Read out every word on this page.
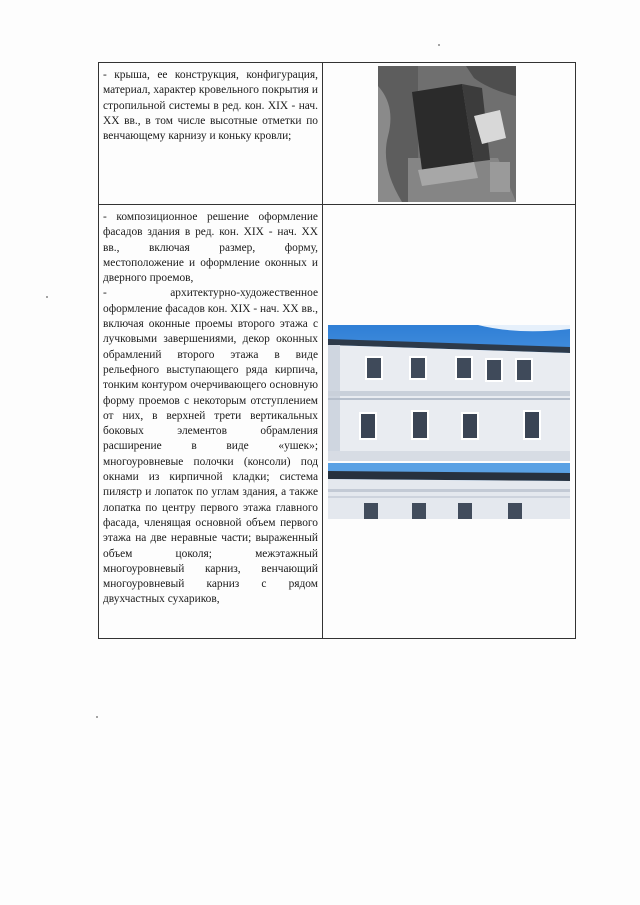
- крыша, ее конструкция, конфигурация, материал, характер кровельного покрытия и стропильной системы в ред. кон. XIX - нач. XX вв., в том числе высотные отметки по венчающему карнизу и коньку кровли;

- композиционное решение оформление фасадов здания в ред. кон. XIX - нач. XX вв., включая размер, форму, местоположение и оформление оконных и дверного проемов,

- архитектурно-художественное оформление фасадов кон. XIX - нач. XX вв., включая оконные проемы второго этажа с лучковыми завершениями, декор оконных обрамлений второго этажа в виде рельефного выступающего ряда кирпича, тонким контуром очерчивающего основную форму проемов с некоторым отступлением от них, в верхней трети вертикальных боковых элементов обрамления расширение в виде «ушек»; многоуровневые полочки (консоли) под окнами из кирпичной кладки; система пилястр и лопаток по углам здания, а также лопатка по центру первого этажа главного фасада, членящая основной объем первого этажа на две неравные части; выраженный объем цоколя; межэтажный многоуровневый карниз, венчающий многоуровневый карниз с рядом двухчастных сухариков,
